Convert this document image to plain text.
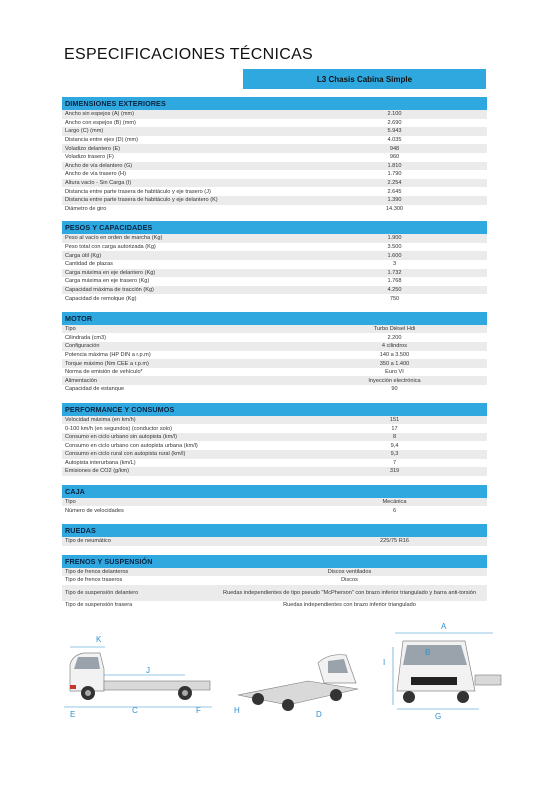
ESPECIFICACIONES TÉCNICAS
L3 Chasis Cabina Simple
DIMENSIONES EXTERIORES
Ancho sin espejos (A) (mm)	2.100
Ancho con espejos (B) (mm)	2.690
Largo (C) (mm)	5.943
Distancia entre ejes (D) (mm)	4.035
Voladizo delantero (E)	948
Voladizo trasero (F)	960
Ancho de vía delantero (G)	1.810
Ancho de vía trasero (H)	1.790
Altura vacío - Sin Carga (I)	2.254
Distancia entre parte trasera de habitáculo y eje trasero (J)	2.645
Distancia entre parte trasera de habitáculo y eje delantero (K)	1.390
Diámetro de giro	14.300
PESOS Y CAPACIDADES
Peso al vacío en orden de marcha (Kg)	1.900
Peso total con carga autorizada (Kg)	3.500
Carga útil (Kg)	1.600
Cantidad de plazas	3
Carga máxima en eje delantero (Kg)	1.732
Carga máxima en eje trasero (Kg)	1.768
Capacidad máxima de tracción (Kg)	4.250
Capacidad de remolque (Kg)	750
MOTOR
Tipo	Turbo Diésel Hdi
Cilindrada (cm3)	2.200
Configuración	4 cilindros
Potencia máxima (HP DIN a r.p.m)	140 a 3.500
Torque máximo (Nm CEE a r.p.m)	350 a 1.400
Norma de emisión de vehículo*	Euro VI
Alimentación	Inyección electrónica
Capacidad de estanque	90
PERFORMANCE Y CONSUMOS
Velocidad máxima (en km/h)	151
0-100 km/h (en segundos) (conductor solo)	17
Consumo en ciclo urbano sin autopista (km/l)	8
Consumo en ciclo urbano con autopista urbana (km/l)	9,4
Consumo en ciclo rural con autopista rural (km/l)	9,3
Autopista interurbana (km/L)	7
Emisiones de CO2 (g/km)	319
CAJA
Tipo	Mecánica
Número de velocidades	6
RUEDAS
Tipo de neumático	225/75 R16
FRENOS Y SUSPENSIÓN
Tipo de frenos delanteros	Discos ventilados
Tipo de frenos traseros	Discos
Tipo de suspensión delantero	Ruedas independientes de tipo pseudo "McPherson" con brazo inferior triangulado y barra anti-torsión
Tipo de suspensión trasera	Ruedas independientes con brazo inferior triangulado
K
J
E	C	F	H	D
A
I
B
G
